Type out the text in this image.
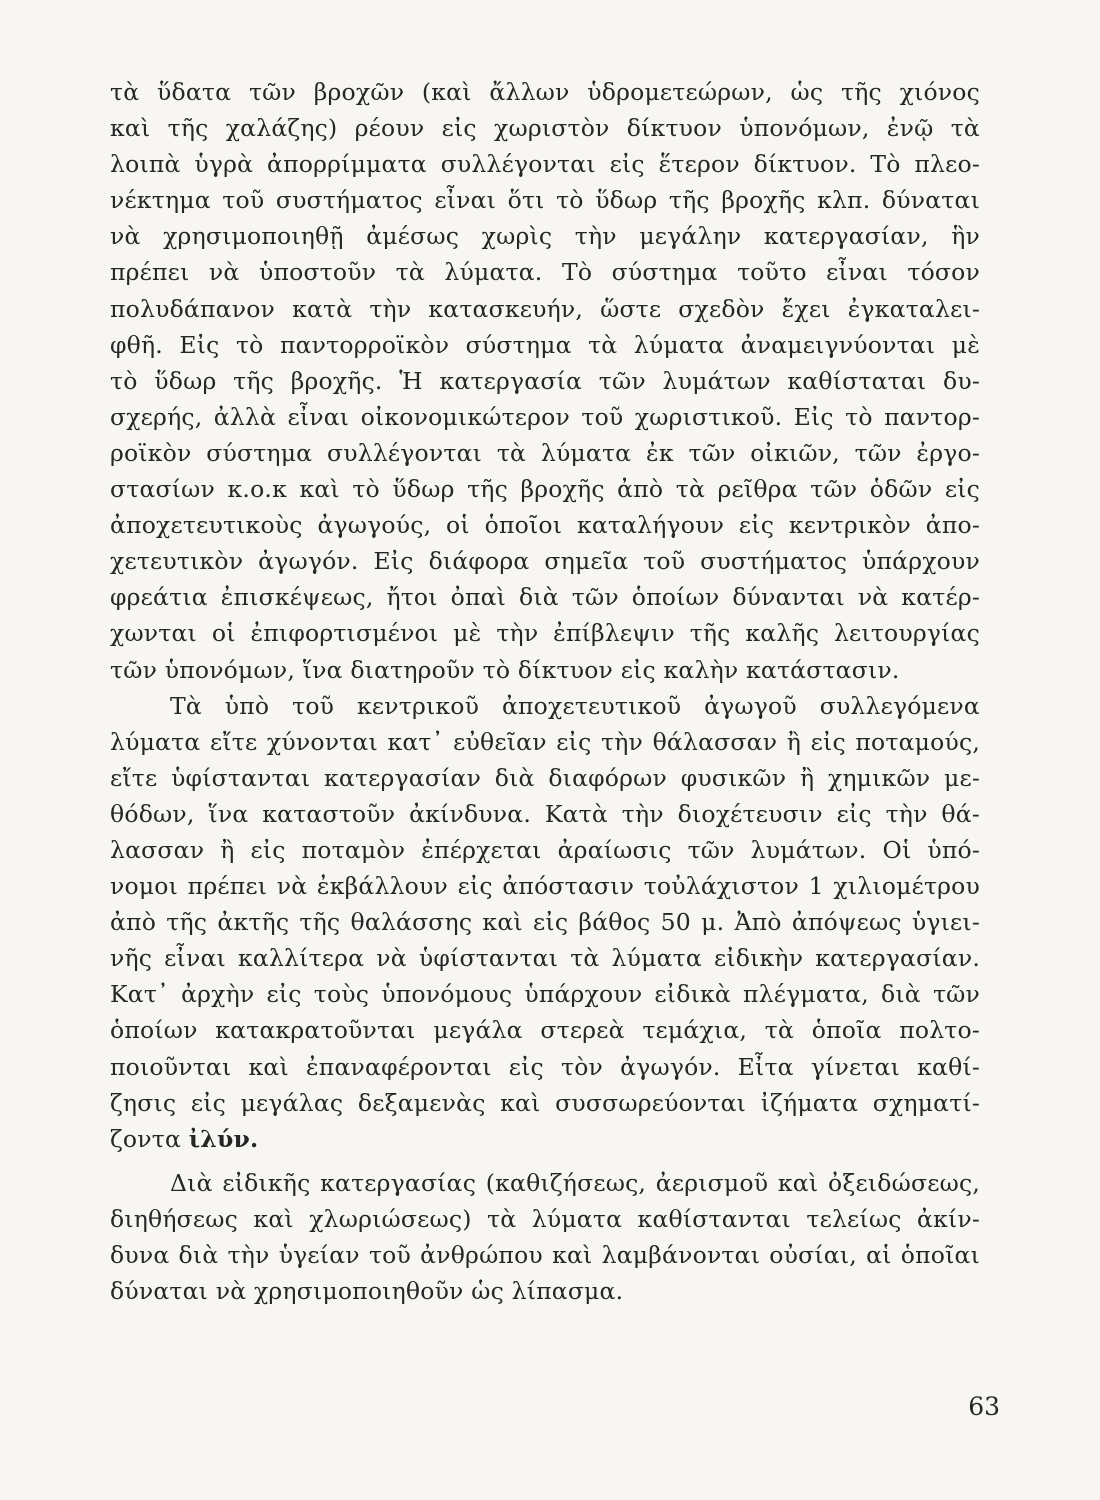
τὰ ὕδατα τῶν βροχῶν (καὶ ἄλλων ὑδρομετεώρων, ὡς τῆς χιόνος
καὶ τῆς χαλάζης) ρέουν εἰς χωριστὸν δίκτυον ὑπονόμων, ἐνῷ τὰ
λοιπὰ ὑγρὰ ἀπορρίμματα συλλέγονται εἰς ἕτερον δίκτυον. Τὸ πλεο-
νέκτημα τοῦ συστήματος εἶναι ὅτι τὸ ὕδωρ τῆς βροχῆς κλπ. δύναται
νὰ χρησιμοποιηθῇ ἀμέσως χωρὶς τὴν μεγάλην κατεργασίαν, ἣν
πρέπει νὰ ὑποστοῦν τὰ λύματα. Τὸ σύστημα τοῦτο εἶναι τόσον
πολυδάπανον κατὰ τὴν κατασκευήν, ὥστε σχεδὸν ἔχει ἐγκαταλει-
φθῆ. Εἰς τὸ παντορροϊκὸν σύστημα τὰ λύματα ἀναμειγνύονται μὲ
τὸ ὕδωρ τῆς βροχῆς. Ἡ κατεργασία τῶν λυμάτων καθίσταται δυ-
σχερής, ἀλλὰ εἶναι οἰκονομικώτερον τοῦ χωριστικοῦ. Εἰς τὸ παντορ-
ροϊκὸν σύστημα συλλέγονται τὰ λύματα ἐκ τῶν οἰκιῶν, τῶν ἐργο-
στασίων κ.ο.κ καὶ τὸ ὕδωρ τῆς βροχῆς ἀπὸ τὰ ρεῖθρα τῶν ὁδῶν εἰς
ἀποχετευτικοὺς ἀγωγούς, οἱ ὁποῖοι καταλήγουν εἰς κεντρικὸν ἀπο-
χετευτικὸν ἀγωγόν. Εἰς διάφορα σημεῖα τοῦ συστήματος ὑπάρχουν
φρεάτια ἐπισκέψεως, ἤτοι ὀπαὶ διὰ τῶν ὁποίων δύνανται νὰ κατέρ-
χωνται οἱ ἐπιφορτισμένοι μὲ τὴν ἐπίβλεψιν τῆς καλῆς λειτουργίας
τῶν ὑπονόμων, ἵνα διατηροῦν τὸ δίκτυον εἰς καλὴν κατάστασιν.
Τὰ ὑπὸ τοῦ κεντρικοῦ ἀποχετευτικοῦ ἀγωγοῦ συλλεγόμενα
λύματα εἴτε χύνονται κατ᾽ εὐθεῖαν εἰς τὴν θάλασσαν ἢ εἰς ποταμούς,
εἴτε ὑφίστανται κατεργασίαν διὰ διαφόρων φυσικῶν ἢ χημικῶν με-
θόδων, ἵνα καταστοῦν ἀκίνδυνα. Κατὰ τὴν διοχέτευσιν εἰς τὴν θά-
λασσαν ἢ εἰς ποταμὸν ἐπέρχεται ἀραίωσις τῶν λυμάτων. Οἱ ὑπό-
νομοι πρέπει νὰ ἐκβάλλουν εἰς ἀπόστασιν τοὐλάχιστον 1 χιλιομέτρου
ἀπὸ τῆς ἀκτῆς τῆς θαλάσσης καὶ εἰς βάθος 50 μ. Ἀπὸ ἀπόψεως ὑγιει-
νῆς εἶναι καλλίτερα νὰ ὑφίστανται τὰ λύματα εἰδικὴν κατεργασίαν.
Κατ᾽ ἀρχὴν εἰς τοὺς ὑπονόμους ὑπάρχουν εἰδικὰ πλέγματα, διὰ τῶν
ὁποίων κατακρατοῦνται μεγάλα στερεὰ τεμάχια, τὰ ὁποῖα πολτο-
ποιοῦνται καὶ ἐπαναφέρονται εἰς τὸν ἀγωγόν. Εἶτα γίνεται καθί-
ζησις εἰς μεγάλας δεξαμενὰς καὶ συσσωρεύονται ἰζήματα σχηματί-
ζοντα ἰλύν.
Διὰ εἰδικῆς κατεργασίας (καθιζήσεως, ἀερισμοῦ καὶ ὀξειδώσεως,
διηθήσεως καὶ χλωριώσεως) τὰ λύματα καθίστανται τελείως ἀκίν-
δυνα διὰ τὴν ὑγείαν τοῦ ἀνθρώπου καὶ λαμβάνονται οὐσίαι, αἱ ὁποῖαι
δύναται νὰ χρησιμοποιηθοῦν ὡς λίπασμα.
63
